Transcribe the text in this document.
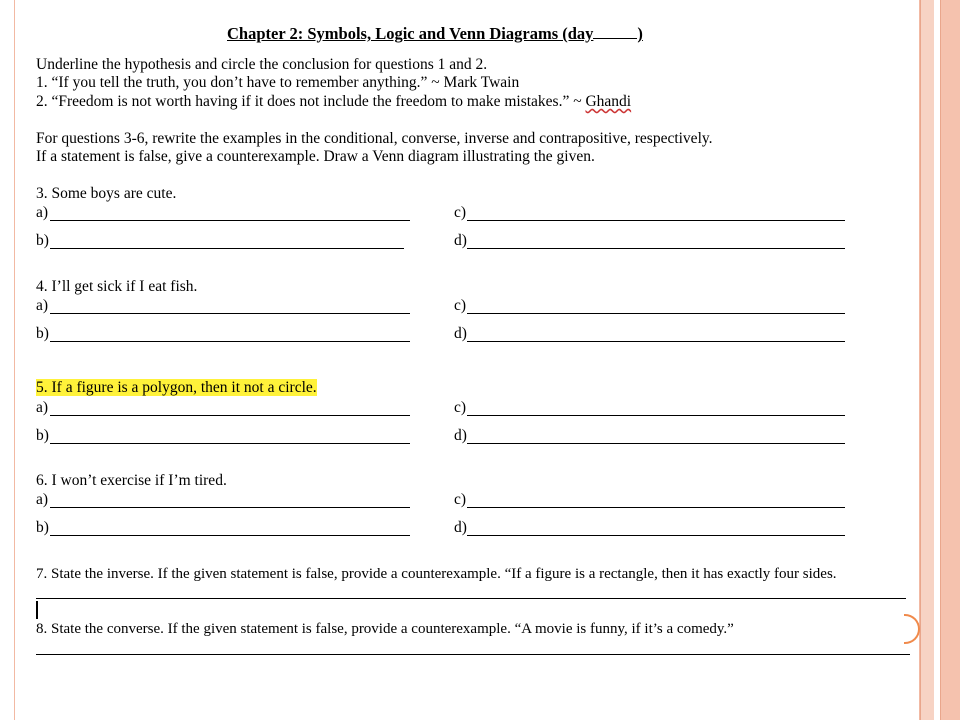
Chapter 2: Symbols, Logic and Venn Diagrams (day	)
Underline the hypothesis and circle the conclusion for questions 1 and 2.
1. “If you tell the truth, you don’t have to remember anything.” ~ Mark Twain
2. “Freedom is not worth having if it does not include the freedom to make mistakes.” ~ Ghandi
For questions 3-6, rewrite the examples in the conditional, converse, inverse and contrapositive, respectively.
If a statement is false, give a counterexample. Draw a Venn diagram illustrating the given.
3. Some boys are cute.
a)	c)
b)	d)
4. I’ll get sick if I eat fish.
a)	c)
b)	d)
5. If a figure is a polygon, then it not a circle.
a)	c)
b)	d)
6. I won’t exercise if I’m tired.
a)	c)
b)	d)
7. State the inverse. If the given statement is false, provide a counterexample. “If a figure is a rectangle, then it has exactly four sides.
8. State the converse. If the given statement is false, provide a counterexample. “A movie is funny, if it’s a comedy.”
